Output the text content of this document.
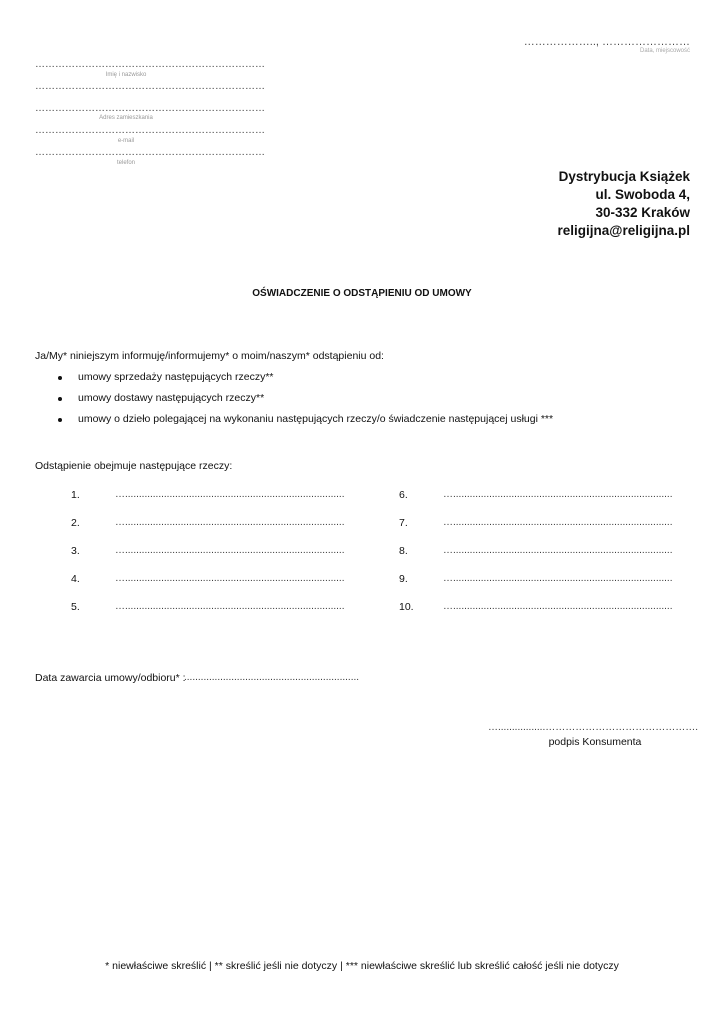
……………….., ……………………
Data, miejscowość
……………………………………………………………
Imię i nazwisko
……………………………………………………………
……………………………………………………………
Adres zamieszkania
……………………………………………………………
e-mail
……………………………………………………………
telefon
Dystrybucja Książek
ul. Swoboda 4,
30-332 Kraków
religijna@religijna.pl
OŚWIADCZENIE O ODSTĄPIENIU OD UMOWY
Ja/My* niniejszym informuję/informujemy* o moim/naszym* odstąpieniu od:
umowy sprzedaży następujących rzeczy**
umowy dostawy następujących rzeczy**
umowy o dzieło polegającej na wykonaniu następujących rzeczy/o świadczenie następującej usługi ***
Odstąpienie obejmuje następujące rzeczy:
1.	…...............................................................................
2.	…...............................................................................
3.	…...............................................................................
4.	…...............................................................................
5.	…...............................................................................
6.	…...............................................................................
7.	…...............................................................................
8.	…...............................................................................
9.	…...............................................................................
10.	…...............................................................................
Data zawarcia umowy/odbioru* :
...............................................................
….................……………………………………….
podpis Konsumenta
* niewłaściwe skreślić | ** skreślić jeśli nie dotyczy | *** niewłaściwe skreślić lub skreślić całość jeśli nie dotyczy
